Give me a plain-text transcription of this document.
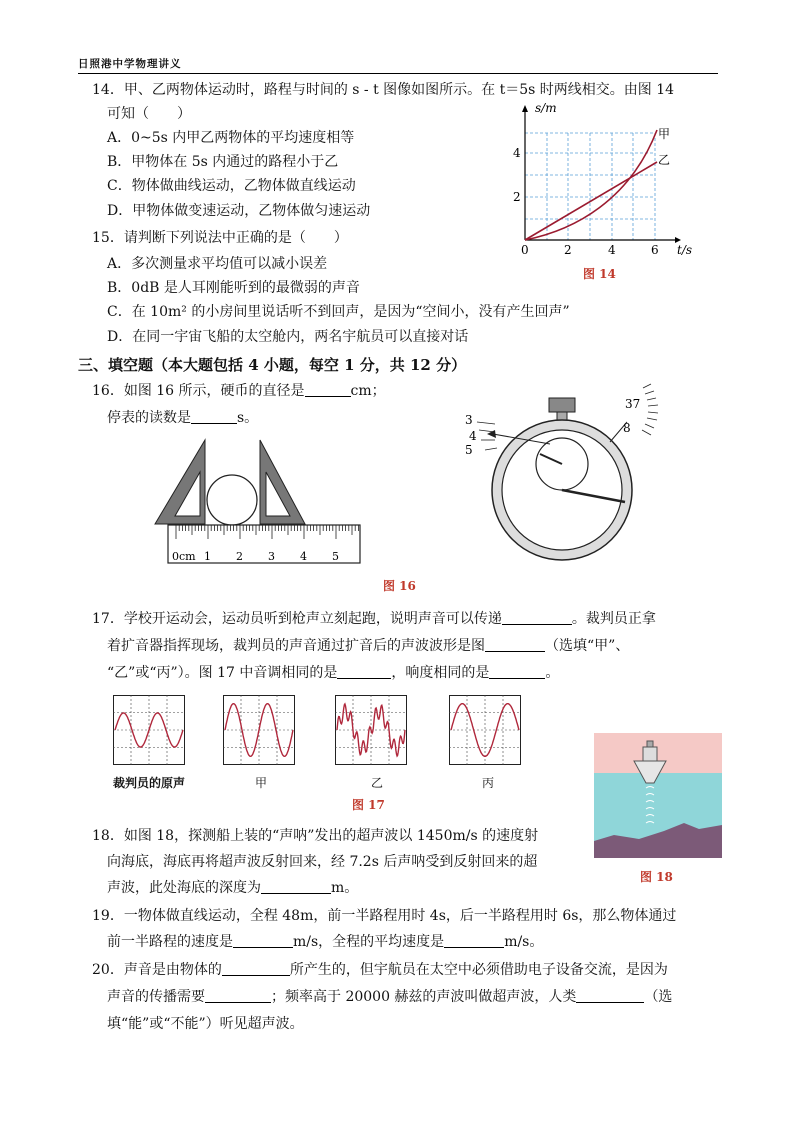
日照港中学物理讲义
14．甲、乙两物体运动时，路程与时间的 s - t 图像如图所示。在 t＝5s 时两线相交。由图 14
可知（　　）
A．0~5s 内甲乙两物体的平均速度相等
B．甲物体在 5s 内通过的路程小于乙
C．物体做曲线运动，乙物体做直线运动
D．甲物体做变速运动，乙物体做匀速运动
15．请判断下列说法中正确的是（　　）
A．多次测量求平均值可以减小误差
B．0dB 是人耳刚能听到的最微弱的声音
C．在 10m² 的小房间里说话听不到回声，是因为“空间小，没有产生回声”
D．在同一宇宙飞船的太空舱内，两名宇航员可以直接对话
s/m
t/s
0	2	4	6
2
4
甲
乙
图 14
三、填空题（本大题包括 4 小题，每空 1 分，共 12 分）
16．如图 16 所示，硬币的直径是	cm；
停表的读数是	s。
0cm 1 2 3 4 5
3
4
5
37
8
图 16
17．学校开运动会，运动员听到枪声立刻起跑，说明声音可以传递	。裁判员正拿
着扩音器指挥现场，裁判员的声音通过扩音后的声波波形是图	（选填“甲”、
“乙”或“丙”）。图 17 中音调相同的是	，响度相同的是	。
裁判员的原声	甲	乙	丙
图 17
图 18
18．如图 18，探测船上装的“声呐”发出的超声波以 1450m/s 的速度射
向海底，海底再将超声波反射回来，经 7.2s 后声呐受到反射回来的超
声波，此处海底的深度为	m。
19．一物体做直线运动，全程 48m，前一半路程用时 4s，后一半路程用时 6s，那么物体通过
前一半路程的速度是	m/s，全程的平均速度是	m/s。
20．声音是由物体的	所产生的，但宇航员在太空中必须借助电子设备交流，是因为
声音的传播需要	；频率高于 20000 赫兹的声波叫做超声波，人类	（选
填“能”或“不能”）听见超声波。
